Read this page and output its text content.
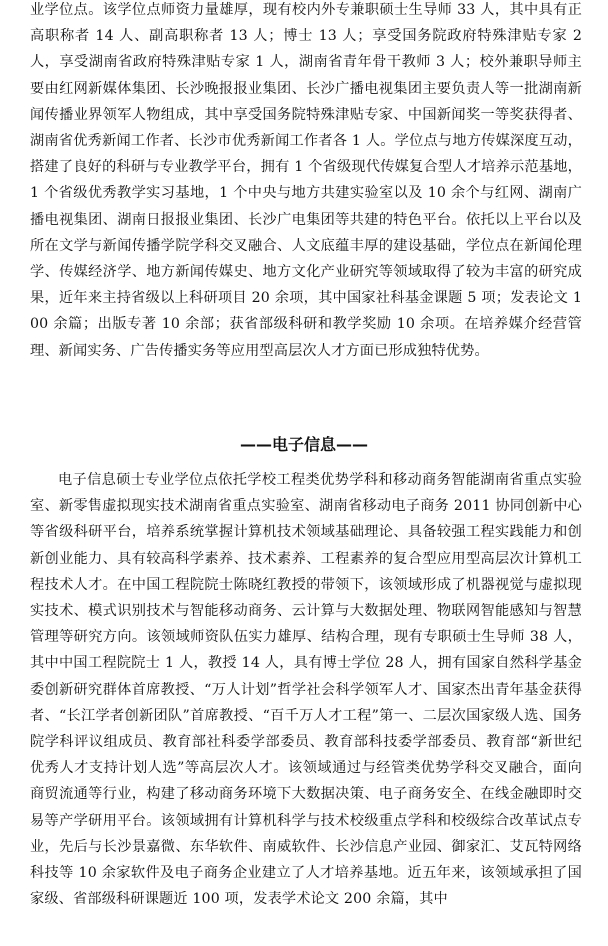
业学位点。该学位点师资力量雄厚，现有校内外专兼职硕士生导师 33 人，其中具有正高职称者 14 人、副高职称者 13 人；博士 13 人；享受国务院政府特殊津贴专家 2 人，享受湖南省政府特殊津贴专家 1 人，湖南省青年骨干教师 3 人；校外兼职导师主要由红网新媒体集团、长沙晚报报业集团、长沙广播电视集团主要负责人等一批湖南新闻传播业界领军人物组成，其中享受国务院特殊津贴专家、中国新闻奖一等奖获得者、湖南省优秀新闻工作者、长沙市优秀新闻工作者各 1 人。学位点与地方传媒深度互动，搭建了良好的科研与专业教学平台，拥有 1 个省级现代传媒复合型人才培养示范基地，1 个省级优秀教学实习基地，1 个中央与地方共建实验室以及 10 余个与红网、湖南广播电视集团、湖南日报报业集团、长沙广电集团等共建的特色平台。依托以上平台以及所在文学与新闻传播学院学科交叉融合、人文底蕴丰厚的建设基础，学位点在新闻伦理学、传媒经济学、地方新闻传媒史、地方文化产业研究等领域取得了较为丰富的研究成果，近年来主持省级以上科研项目 20 余项，其中国家社科基金课题 5 项；发表论文 100 余篇；出版专著 10 余部；获省部级科研和教学奖励 10 余项。在培养媒介经营管理、新闻实务、广告传播实务等应用型高层次人才方面已形成独特优势。

——电子信息——

电子信息硕士专业学位点依托学校工程类优势学科和移动商务智能湖南省重点实验室、新零售虚拟现实技术湖南省重点实验室、湖南省移动电子商务 2011 协同创新中心等省级科研平台，培养系统掌握计算机技术领域基础理论、具备较强工程实践能力和创新创业能力、具有较高科学素养、技术素养、工程素养的复合型应用型高层次计算机工程技术人才。在中国工程院院士陈晓红教授的带领下，该领域形成了机器视觉与虚拟现实技术、模式识别技术与智能移动商务、云计算与大数据处理、物联网智能感知与智慧管理等研究方向。该领域师资队伍实力雄厚、结构合理，现有专职硕士生导师 38 人，其中中国工程院院士 1 人，教授 14 人，具有博士学位 28 人，拥有国家自然科学基金委创新研究群体首席教授、“万人计划”哲学社会科学领军人才、国家杰出青年基金获得者、“长江学者创新团队”首席教授、“百千万人才工程”第一、二层次国家级人选、国务院学科评议组成员、教育部社科委学部委员、教育部科技委学部委员、教育部“新世纪优秀人才支持计划人选”等高层次人才。该领域通过与经管类优势学科交叉融合，面向商贸流通等行业，构建了移动商务环境下大数据决策、电子商务安全、在线金融即时交易等产学研用平台。该领域拥有计算机科学与技术校级重点学科和校级综合改革试点专业，先后与长沙景嘉微、东华软件、南威软件、长沙信息产业园、御家汇、艾瓦特网络科技等 10 余家软件及电子商务企业建立了人才培养基地。近五年来，该领域承担了国家级、省部级科研课题近 100 项，发表学术论文 200 余篇，其中
